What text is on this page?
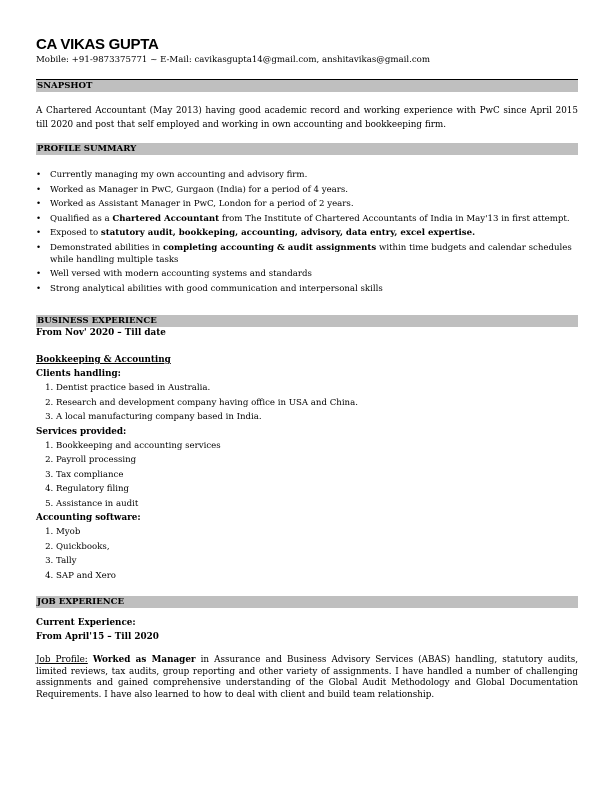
CA VIKAS GUPTA
Mobile: +91-9873375771 ~ E-Mail: cavikasgupta14@gmail.com, anshitavikas@gmail.com
SNAPSHOT

A Chartered Accountant (May 2013) having good academic record and working experience with PwC since April 2015 till 2020 and post that self employed and working in own accounting and bookkeeping firm.

PROFILE SUMMARY
• Currently managing my own accounting and advisory firm.
• Worked as Manager in PwC, Gurgaon (India) for a period of 4 years.
• Worked as Assistant Manager in PwC, London for a period of 2 years.
• Qualified as a Chartered Accountant from The Institute of Chartered Accountants of India in May'13 in first attempt.
• Exposed to statutory audit, bookkeping, accounting, advisory, data entry, excel expertise.
• Demonstrated abilities in completing accounting & audit assignments within time budgets and calendar schedules while handling multiple tasks
• Well versed with modern accounting systems and standards
• Strong analytical abilities with good communication and interpersonal skills
BUSINESS EXPERIENCE
From Nov' 2020 – Till date
Bookkeeping & Accounting
Clients handling:
1. Dentist practice based in Australia.
2. Research and development company having office in USA and China.
3. A local manufacturing company based in India.
Services provided:
1. Bookkeeping and accounting services
2. Payroll processing
3. Tax compliance
4. Regulatory filing
5. Assistance in audit
Accounting software:
1. Myob
2. Quickbooks,
3. Tally
4. SAP and Xero
JOB EXPERIENCE
Current Experience:
From April'15 – Till 2020

Job Profile: Worked as Manager in Assurance and Business Advisory Services (ABAS) handling, statutory audits, limited reviews, tax audits, group reporting and other variety of assignments. I have handled a number of challenging assignments and gained comprehensive understanding of the Global Audit Methodology and Global Documentation Requirements. I have also learned to how to deal with client and build team relationship.
